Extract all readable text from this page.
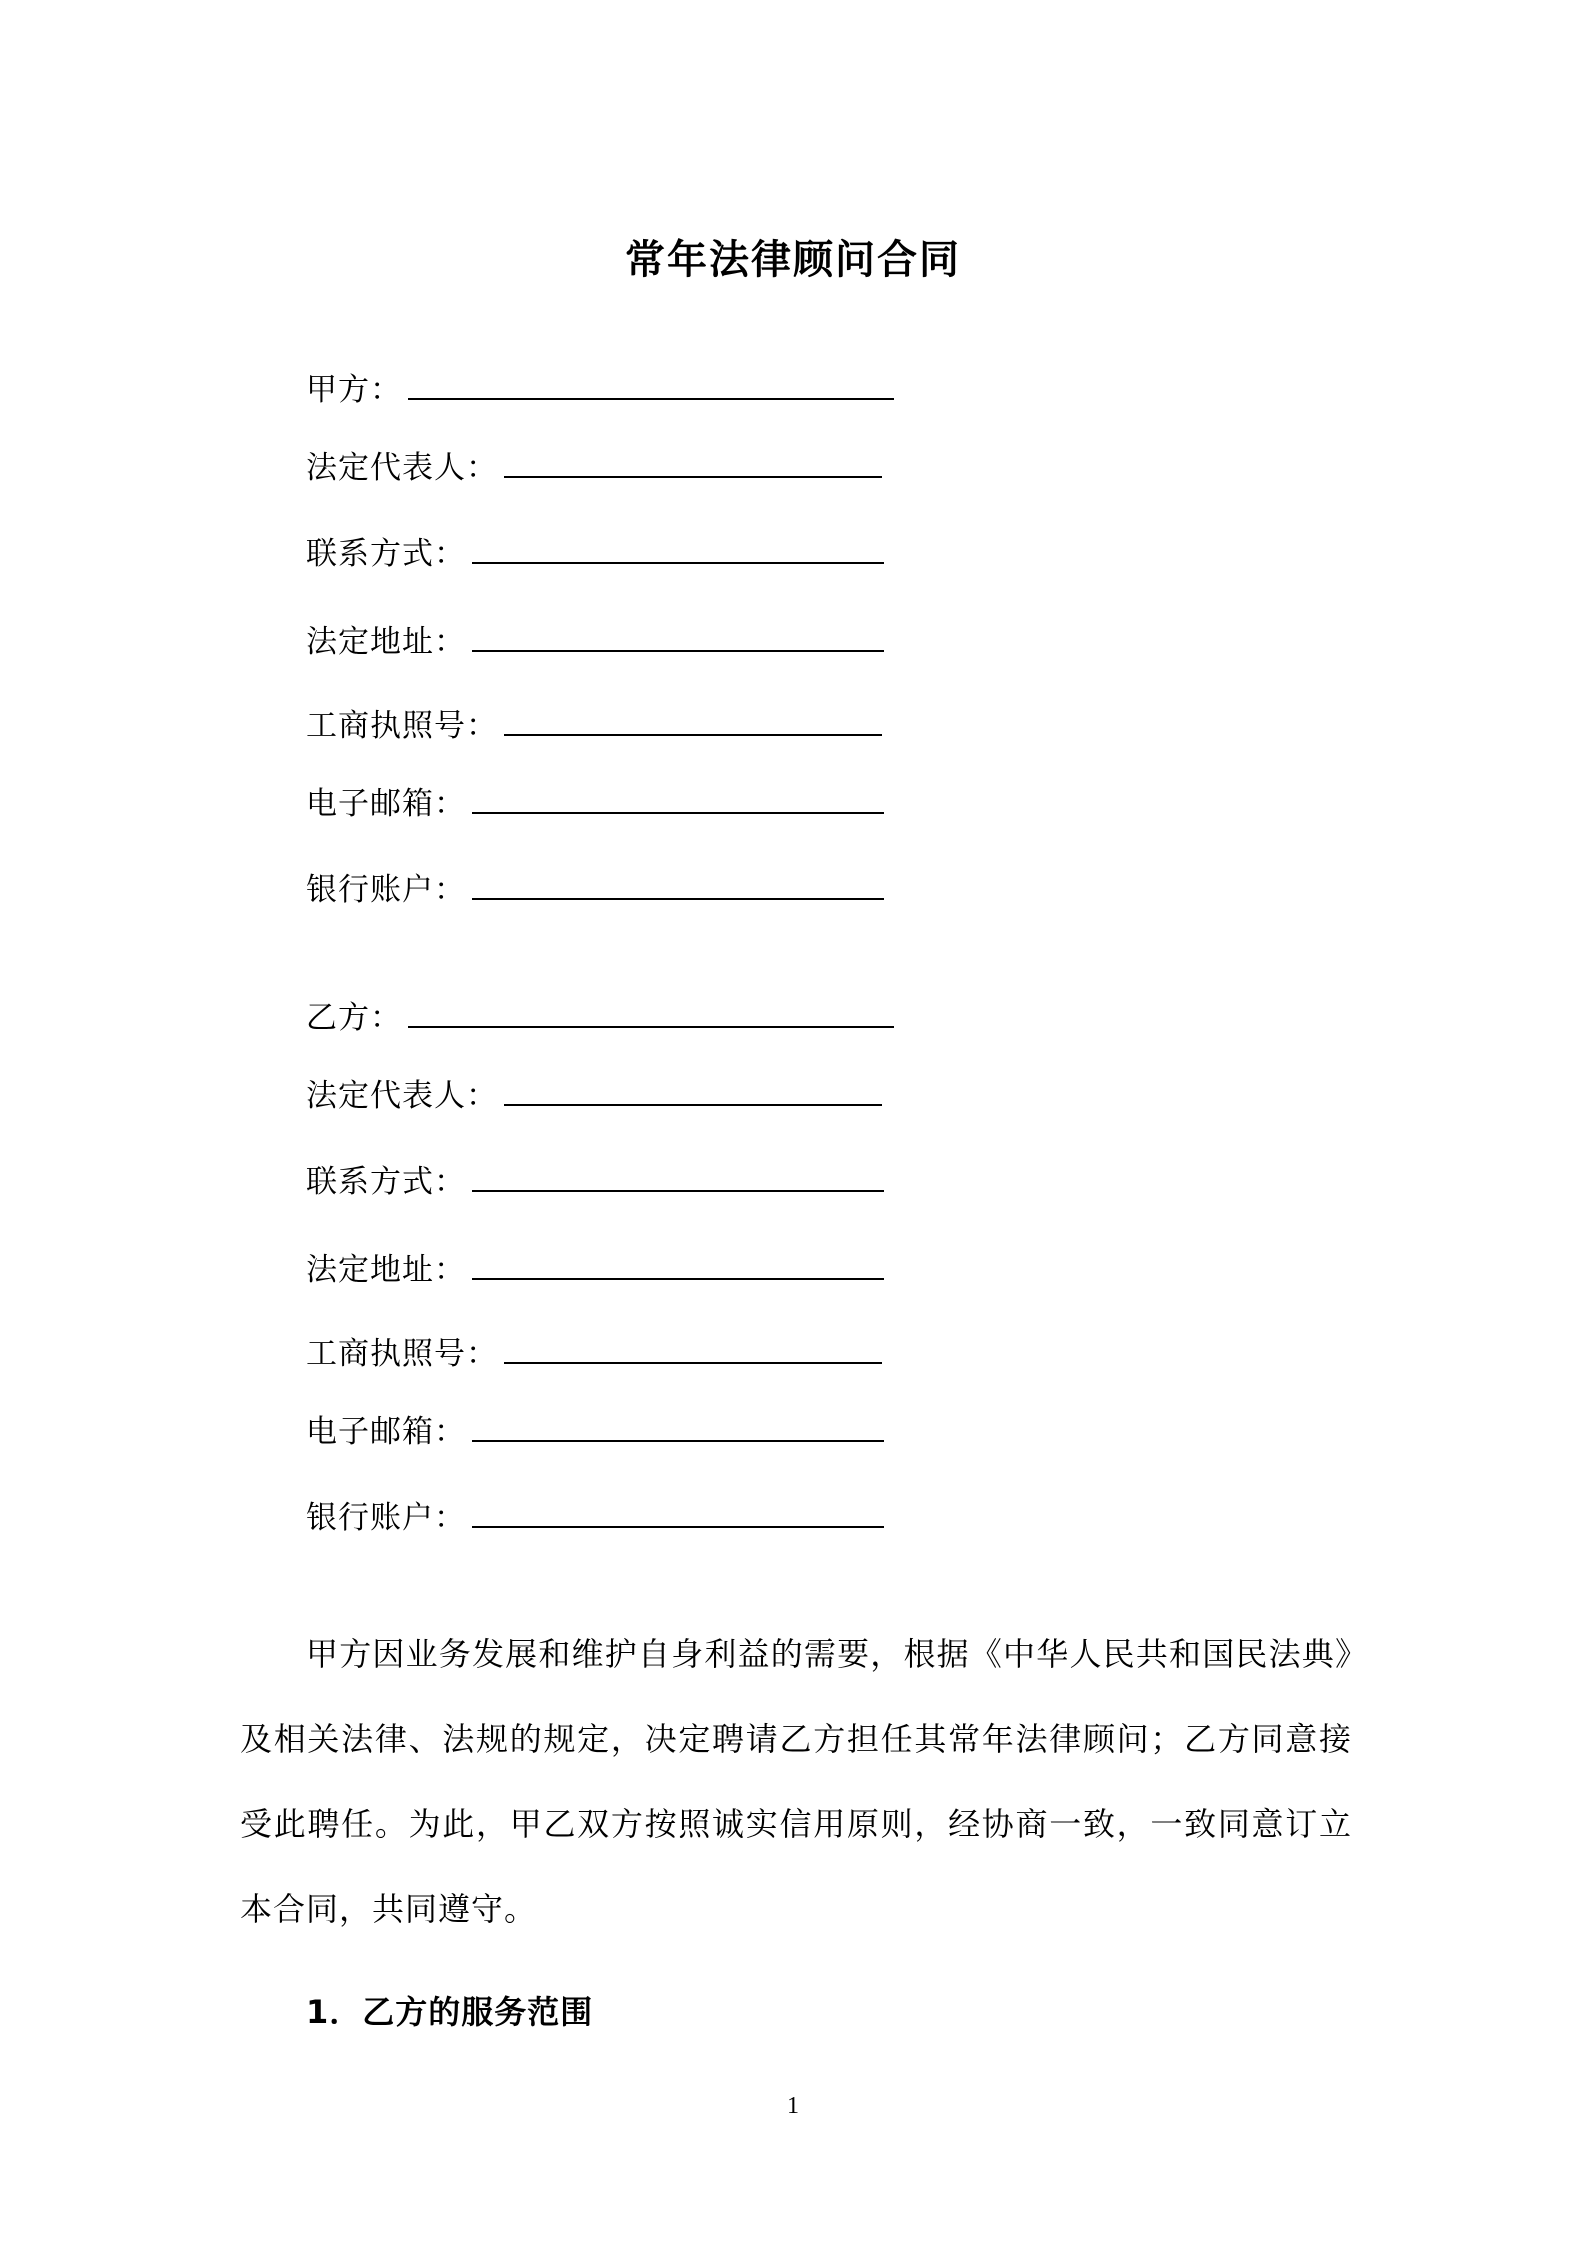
常年法律顾问合同
甲方：
法定代表人：
联系方式：
法定地址：
工商执照号：
电子邮箱：
银行账户：
乙方：
法定代表人：
联系方式：
法定地址：
工商执照号：
电子邮箱：
银行账户：

甲方因业务发展和维护自身利益的需要，根据《中华人民共和国民法典》及相关法律、法规的规定，决定聘请乙方担任其常年法律顾问；乙方同意接受此聘任。为此，甲乙双方按照诚实信用原则，经协商一致，一致同意订立本合同，共同遵守。

1．乙方的服务范围
1
